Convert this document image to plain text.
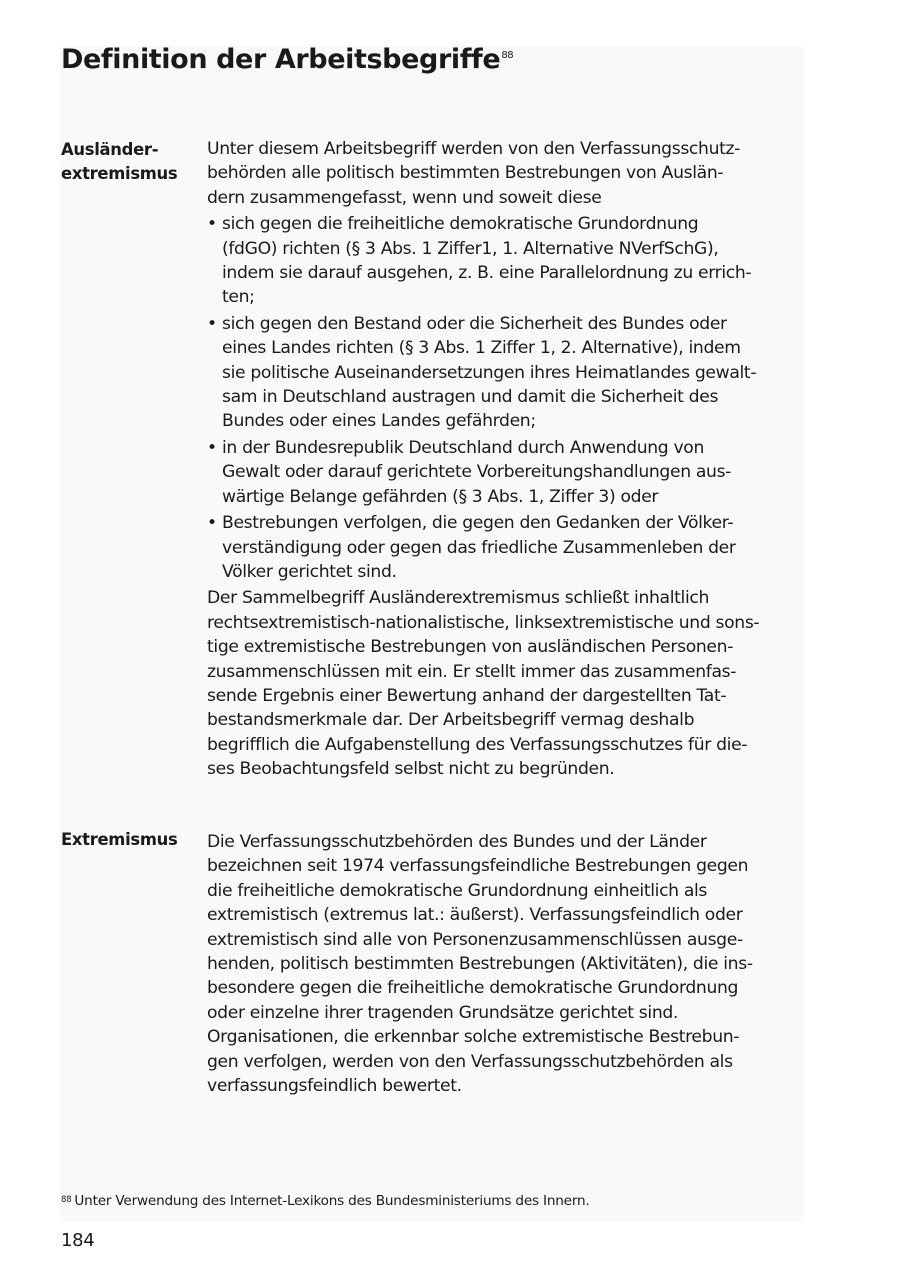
Definition der Arbeitsbegriffe$^{88}$

Ausländer-
extremismus

Unter diesem Arbeitsbegriff werden von den Verfassungsschutz-
behörden alle politisch bestimmten Bestrebungen von Auslän-
dern zusammengefasst, wenn und soweit diese
• sich gegen die freiheitliche demokratische Grundordnung
(fdGO) richten (§ 3 Abs. 1 Ziffer1, 1. Alternative NVerfSchG),
indem sie darauf ausgehen, z. B. eine Parallelordnung zu errich-
ten;
• sich gegen den Bestand oder die Sicherheit des Bundes oder
eines Landes richten (§ 3 Abs. 1 Ziffer 1, 2. Alternative), indem
sie politische Auseinandersetzungen ihres Heimatlandes gewalt-
sam in Deutschland austragen und damit die Sicherheit des
Bundes oder eines Landes gefährden;
• in der Bundesrepublik Deutschland durch Anwendung von
Gewalt oder darauf gerichtete Vorbereitungshandlungen aus-
wärtige Belange gefährden (§ 3 Abs. 1, Ziffer 3) oder
• Bestrebungen verfolgen, die gegen den Gedanken der Völker-
verständigung oder gegen das friedliche Zusammenleben der
Völker gerichtet sind.
Der Sammelbegriff Ausländerextremismus schließt inhaltlich
rechtsextremistisch-nationalistische, linksextremistische und sons-
tige extremistische Bestrebungen von ausländischen Personen-
zusammenschlüssen mit ein. Er stellt immer das zusammenfas-
sende Ergebnis einer Bewertung anhand der dargestellten Tat-
bestandsmerkmale dar. Der Arbeitsbegriff vermag deshalb
begrifflich die Aufgabenstellung des Verfassungsschutzes für die-
ses Beobachtungsfeld selbst nicht zu begründen.

Extremismus Die Verfassungsschutzbehörden des Bundes und der Länder
bezeichnen seit 1974 verfassungsfeindliche Bestrebungen gegen
die freiheitliche demokratische Grundordnung einheitlich als
extremistisch (extremus lat.: äußerst). Verfassungsfeindlich oder
extremistisch sind alle von Personenzusammenschlüssen ausge-
henden, politisch bestimmten Bestrebungen (Aktivitäten), die ins-
besondere gegen die freiheitliche demokratische Grundordnung
oder einzelne ihrer tragenden Grundsätze gerichtet sind.
Organisationen, die erkennbar solche extremistische Bestrebun-
gen verfolgen, werden von den Verfassungsschutzbehörden als
verfassungsfeindlich bewertet.

$^{88}$ Unter Verwendung des Internet-Lexikons des Bundesministeriums des Innern.

184
